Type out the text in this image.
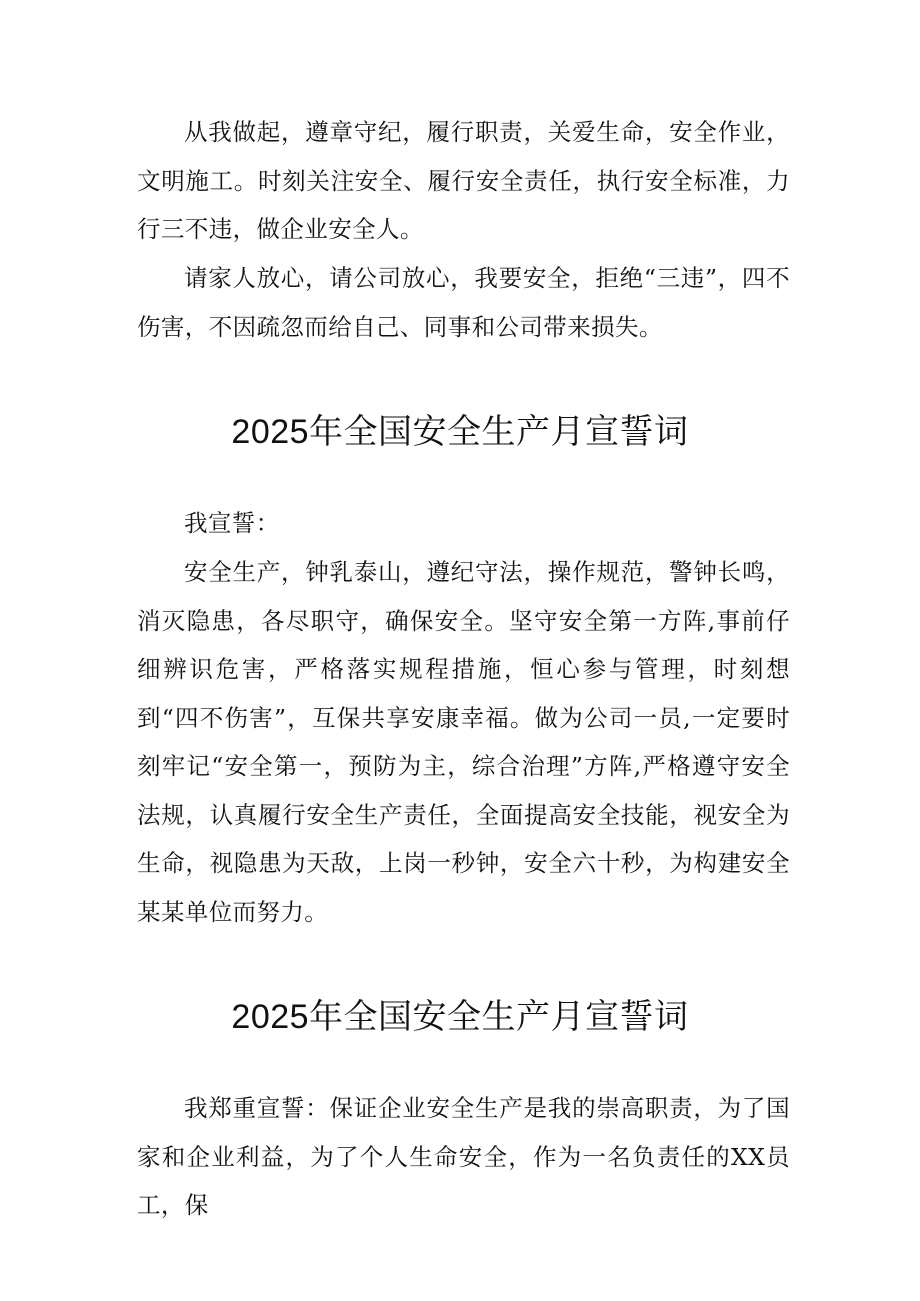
从我做起，遵章守纪，履行职责，关爱生命，安全作业，文明施工。时刻关注安全、履行安全责任，执行安全标准，力行三不违，做企业安全人。

请家人放心，请公司放心，我要安全，拒绝“三违”，四不伤害，不因疏忽而给自己、同事和公司带来损失。

2025年全国安全生产月宣誓词

我宣誓：

安全生产，钟乳泰山，遵纪守法，操作规范，警钟长鸣，消灭隐患，各尽职守，确保安全。坚守安全第一方阵,事前仔细辨识危害，严格落实规程措施，恒心参与管理，时刻想到“四不伤害”，互保共享安康幸福。做为公司一员,一定要时刻牢记“安全第一，预防为主，综合治理”方阵,严格遵守安全法规，认真履行安全生产责任，全面提高安全技能，视安全为生命，视隐患为天敌，上岗一秒钟，安全六十秒，为构建安全某某单位而努力。

2025年全国安全生产月宣誓词

我郑重宣誓：保证企业安全生产是我的崇高职责，为了国家和企业利益，为了个人生命安全，作为一名负责任的XX员工，保
